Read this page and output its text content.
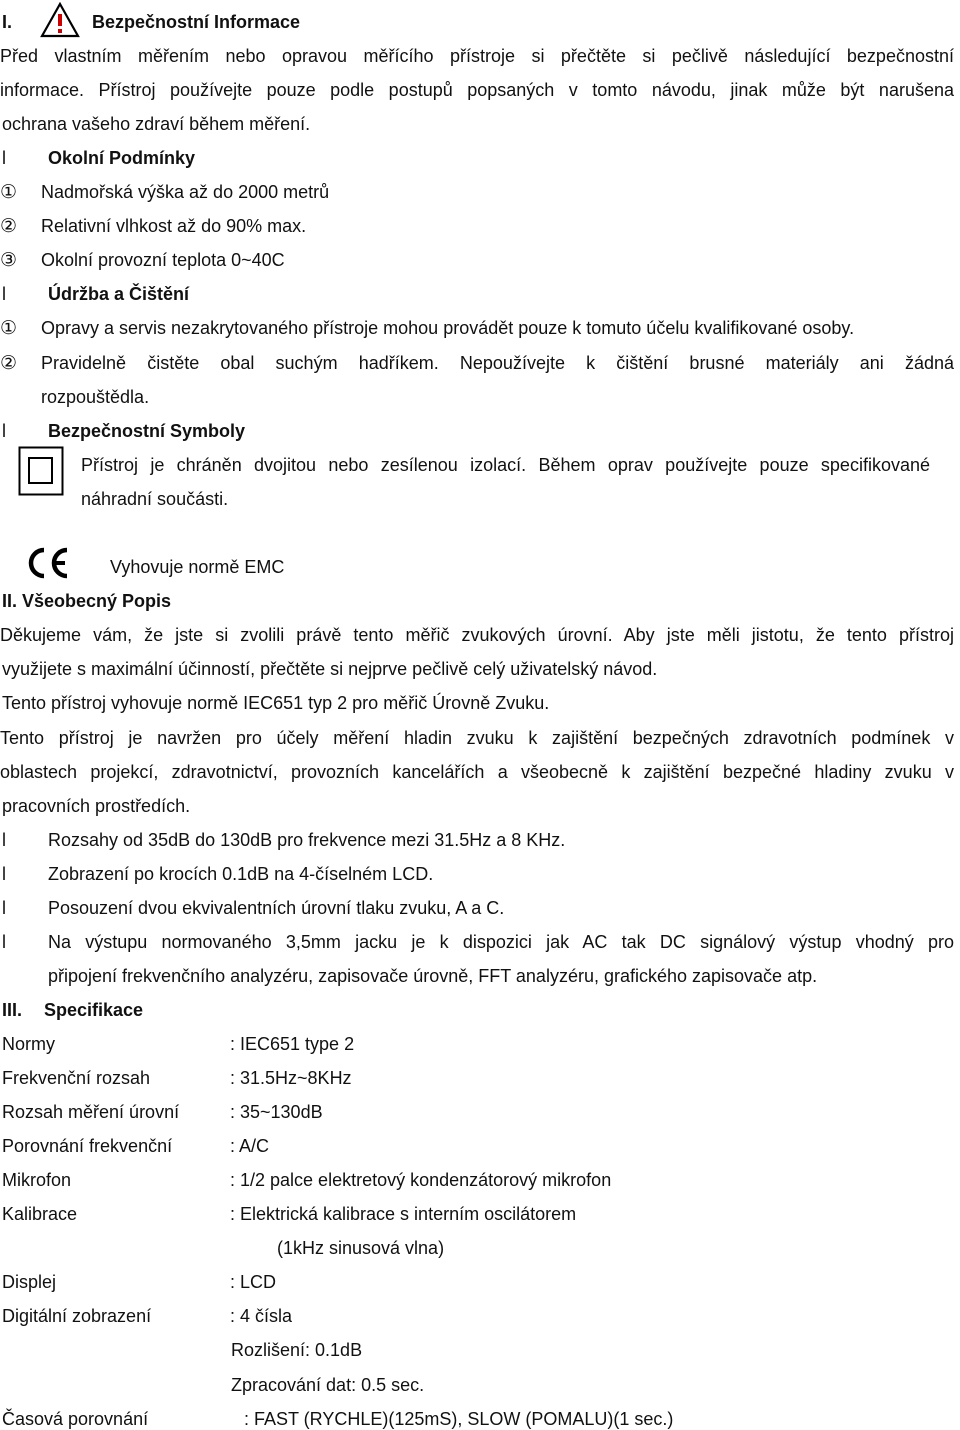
I.	Bezpečnostní Informace
Před vlastním měřením nebo opravou měřícího přístroje si přečtěte si pečlivě následující bezpečnostní
informace. Přístroj používejte pouze podle postupů popsaných v tomto návodu, jinak může být narušena
ochrana vašeho zdraví během měření.
l Okolní Podmínky
① Nadmořská výška až do 2000 metrů
② Relativní vlhkost až do 90% max.
③ Okolní provozní teplota 0~40C
l Údržba a Čištění
① Opravy a servis nezakrytovaného přístroje mohou provádět pouze k tomuto účelu kvalifikované osoby.
② Pravidelně čistěte obal suchým hadříkem. Nepoužívejte k čištění brusné materiály ani žádná
rozpouštědla.
l Bezpečnostní Symboly
Přístroj je chráněn dvojitou nebo zesílenou izolací. Během oprav používejte pouze specifikované
náhradní součásti.
Vyhovuje normě EMC
II. Všeobecný Popis
Děkujeme vám, že jste si zvolili právě tento měřič zvukových úrovní. Aby jste měli jistotu, že tento přístroj
využijete s maximální účinností, přečtěte si nejprve pečlivě celý uživatelský návod.
Tento přístroj vyhovuje normě IEC651 typ 2 pro měřič Úrovně Zvuku.
Tento přístroj je navržen pro účely měření hladin zvuku k zajištění bezpečných zdravotních podmínek v
oblastech projekcí, zdravotnictví, provozních kancelářích a všeobecně k zajištění bezpečné hladiny zvuku v
pracovních prostředích.
l Rozsahy od 35dB do 130dB pro frekvence mezi 31.5Hz a 8 KHz.
l Zobrazení po krocích 0.1dB na 4-číselném LCD.
l Posouzení dvou ekvivalentních úrovní tlaku zvuku, A a C.
l Na výstupu normovaného 3,5mm jacku je k dispozici jak AC tak DC signálový výstup vhodný pro
připojení frekvenčního analyzéru, zapisovače úrovně, FFT analyzéru, grafického zapisovače atp.
III. Specifikace
Normy	: IEC651 type 2
Frekvenční rozsah	: 31.5Hz~8KHz
Rozsah měření úrovní	: 35~130dB
Porovnání frekvenční	: A/C
Mikrofon	: 1/2 palce elektretový kondenzátorový mikrofon
Kalibrace	: Elektrická kalibrace s interním oscilátorem
(1kHz sinusová vlna)
Displej	: LCD
Digitální zobrazení	: 4 čísla
Rozlišení: 0.1dB
Zpracování dat: 0.5 sec.
Časová porovnání	: FAST (RYCHLE)(125mS), SLOW (POMALU)(1 sec.)
